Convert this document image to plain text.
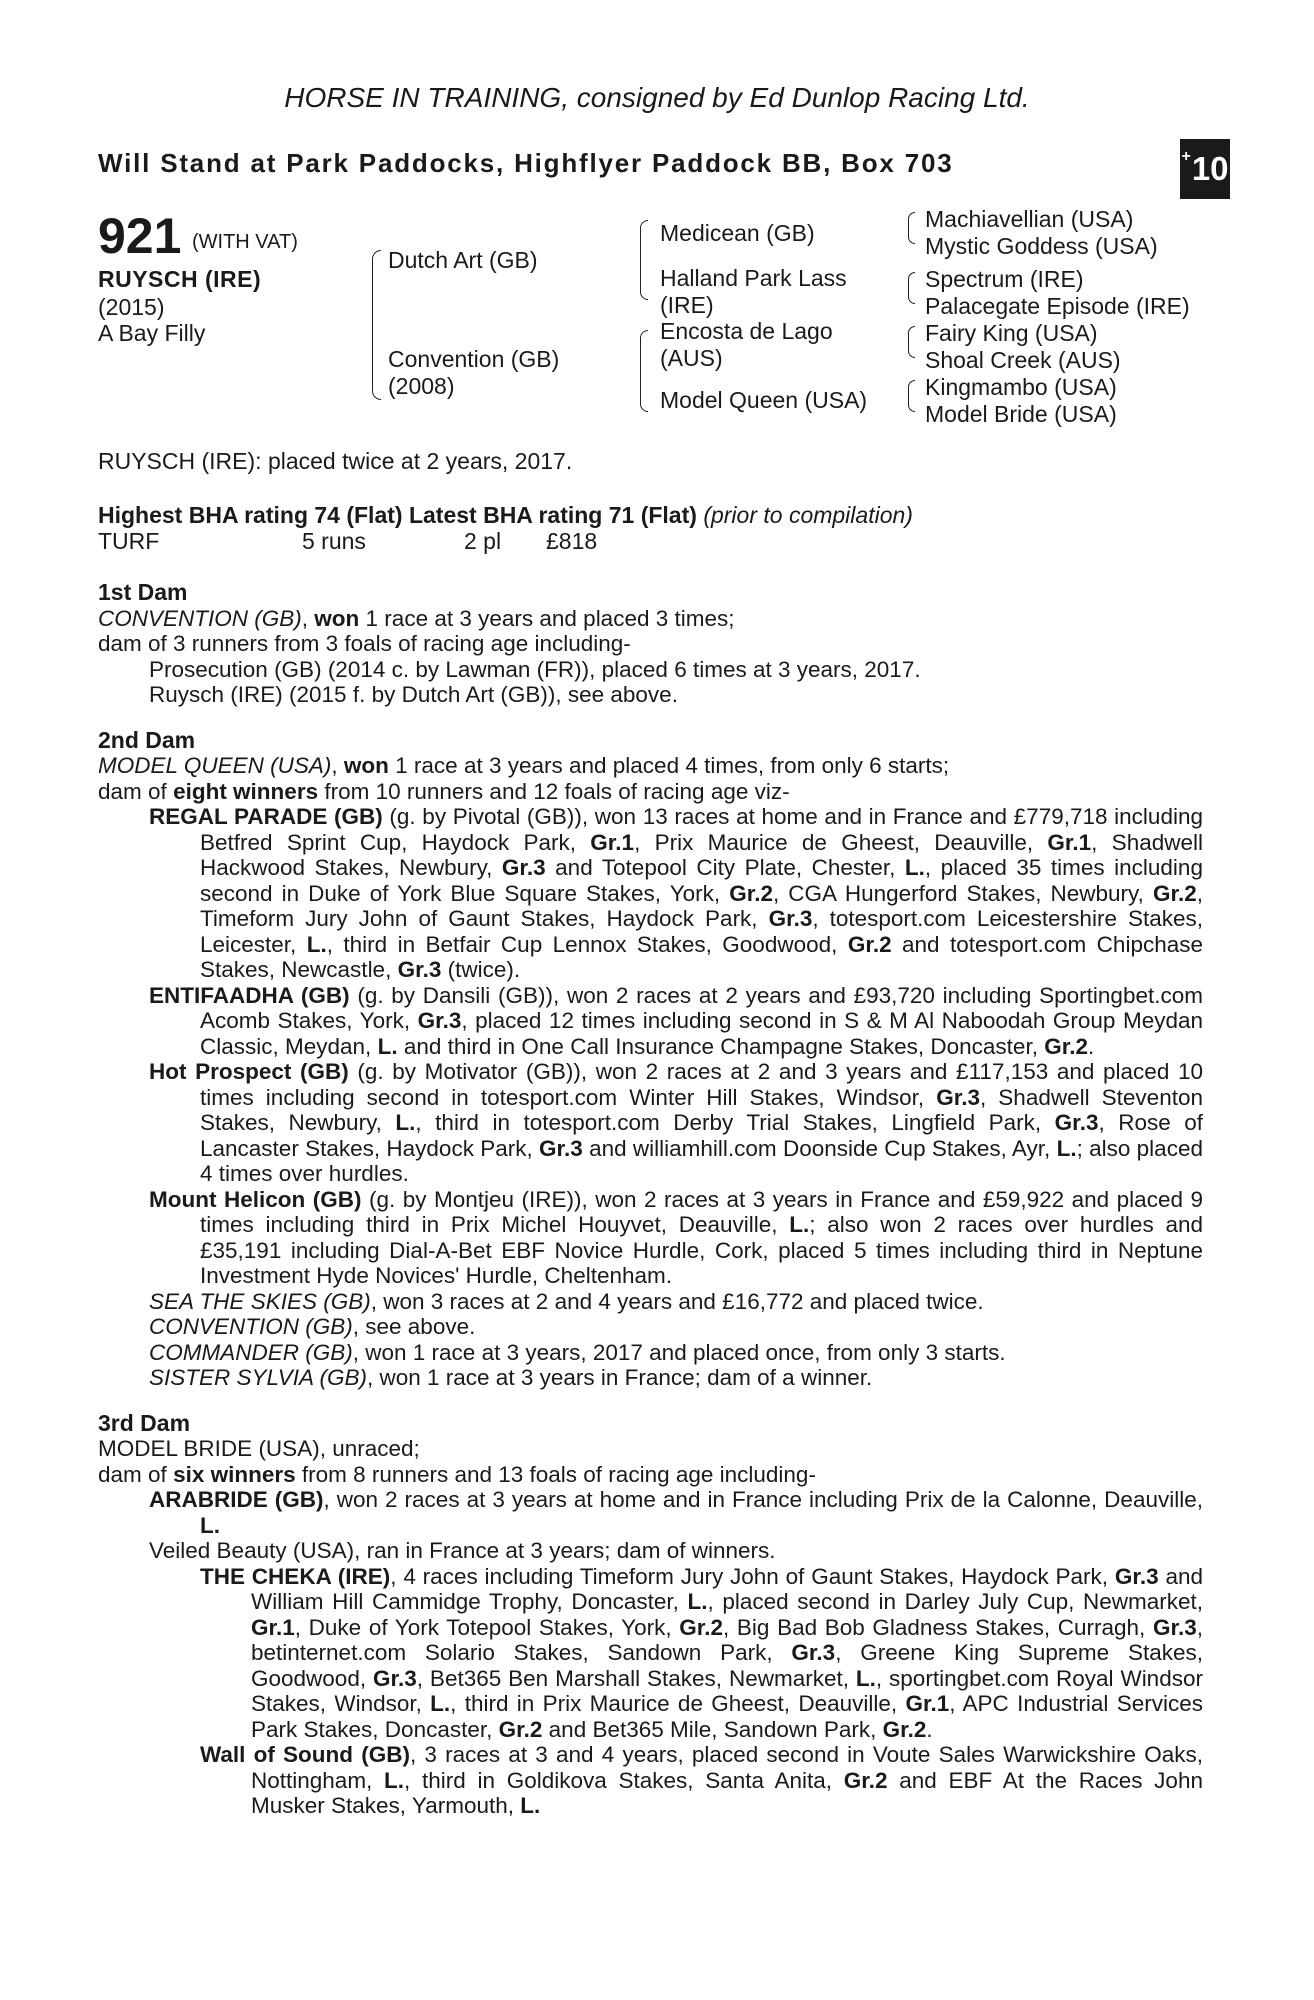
HORSE IN TRAINING, consigned by Ed Dunlop Racing Ltd.
Will Stand at Park Paddocks, Highflyer Paddock BB, Box 703	+ 10
921 (WITH VAT)
RUYSCH (IRE)
(2015)
A Bay Filly
Dutch Art (GB)
Convention (GB)
(2008)
Medicean (GB)
Halland Park Lass
(IRE)
Encosta de Lago
(AUS)
Model Queen (USA)
Machiavellian (USA)
Mystic Goddess (USA)
Spectrum (IRE)
Palacegate Episode (IRE)
Fairy King (USA)
Shoal Creek (AUS)
Kingmambo (USA)
Model Bride (USA)
RUYSCH (IRE): placed twice at 2 years, 2017.
Highest BHA rating 74 (Flat) Latest BHA rating 71 (Flat) (prior to compilation)
TURF	5 runs	2 pl £818
1st Dam
CONVENTION (GB), won 1 race at 3 years and placed 3 times;
dam of 3 runners from 3 foals of racing age including-
Prosecution (GB) (2014 c. by Lawman (FR)), placed 6 times at 3 years, 2017.
Ruysch (IRE) (2015 f. by Dutch Art (GB)), see above.
2nd Dam
MODEL QUEEN (USA), won 1 race at 3 years and placed 4 times, from only 6 starts;
dam of eight winners from 10 runners and 12 foals of racing age viz-
REGAL PARADE (GB) (g. by Pivotal (GB)), won 13 races at home and in France and £779,718 including Betfred Sprint Cup, Haydock Park, Gr.1, Prix Maurice de Gheest, Deauville, Gr.1, Shadwell Hackwood Stakes, Newbury, Gr.3 and Totepool City Plate, Chester, L., placed 35 times including second in Duke of York Blue Square Stakes, York, Gr.2, CGA Hungerford Stakes, Newbury, Gr.2, Timeform Jury John of Gaunt Stakes, Haydock Park, Gr.3, totesport.com Leicestershire Stakes, Leicester, L., third in Betfair Cup Lennox Stakes, Goodwood, Gr.2 and totesport.com Chipchase Stakes, Newcastle, Gr.3 (twice).
ENTIFAADHA (GB) (g. by Dansili (GB)), won 2 races at 2 years and £93,720 including Sportingbet.com Acomb Stakes, York, Gr.3, placed 12 times including second in S & M Al Naboodah Group Meydan Classic, Meydan, L. and third in One Call Insurance Champagne Stakes, Doncaster, Gr.2.
Hot Prospect (GB) (g. by Motivator (GB)), won 2 races at 2 and 3 years and £117,153 and placed 10 times including second in totesport.com Winter Hill Stakes, Windsor, Gr.3, Shadwell Steventon Stakes, Newbury, L., third in totesport.com Derby Trial Stakes, Lingfield Park, Gr.3, Rose of Lancaster Stakes, Haydock Park, Gr.3 and williamhill.com Doonside Cup Stakes, Ayr, L.; also placed 4 times over hurdles.
Mount Helicon (GB) (g. by Montjeu (IRE)), won 2 races at 3 years in France and £59,922 and placed 9 times including third in Prix Michel Houyvet, Deauville, L.; also won 2 races over hurdles and £35,191 including Dial-A-Bet EBF Novice Hurdle, Cork, placed 5 times including third in Neptune Investment Hyde Novices' Hurdle, Cheltenham.
SEA THE SKIES (GB), won 3 races at 2 and 4 years and £16,772 and placed twice.
CONVENTION (GB), see above.
COMMANDER (GB), won 1 race at 3 years, 2017 and placed once, from only 3 starts.
SISTER SYLVIA (GB), won 1 race at 3 years in France; dam of a winner.
3rd Dam
MODEL BRIDE (USA), unraced;
dam of six winners from 8 runners and 13 foals of racing age including-
ARABRIDE (GB), won 2 races at 3 years at home and in France including Prix de la Calonne, Deauville, L.
Veiled Beauty (USA), ran in France at 3 years; dam of winners.
THE CHEKA (IRE), 4 races including Timeform Jury John of Gaunt Stakes, Haydock Park, Gr.3 and William Hill Cammidge Trophy, Doncaster, L., placed second in Darley July Cup, Newmarket, Gr.1, Duke of York Totepool Stakes, York, Gr.2, Big Bad Bob Gladness Stakes, Curragh, Gr.3, betinternet.com Solario Stakes, Sandown Park, Gr.3, Greene King Supreme Stakes, Goodwood, Gr.3, Bet365 Ben Marshall Stakes, Newmarket, L., sportingbet.com Royal Windsor Stakes, Windsor, L., third in Prix Maurice de Gheest, Deauville, Gr.1, APC Industrial Services Park Stakes, Doncaster, Gr.2 and Bet365 Mile, Sandown Park, Gr.2.
Wall of Sound (GB), 3 races at 3 and 4 years, placed second in Voute Sales Warwickshire Oaks, Nottingham, L., third in Goldikova Stakes, Santa Anita, Gr.2 and EBF At the Races John Musker Stakes, Yarmouth, L.
